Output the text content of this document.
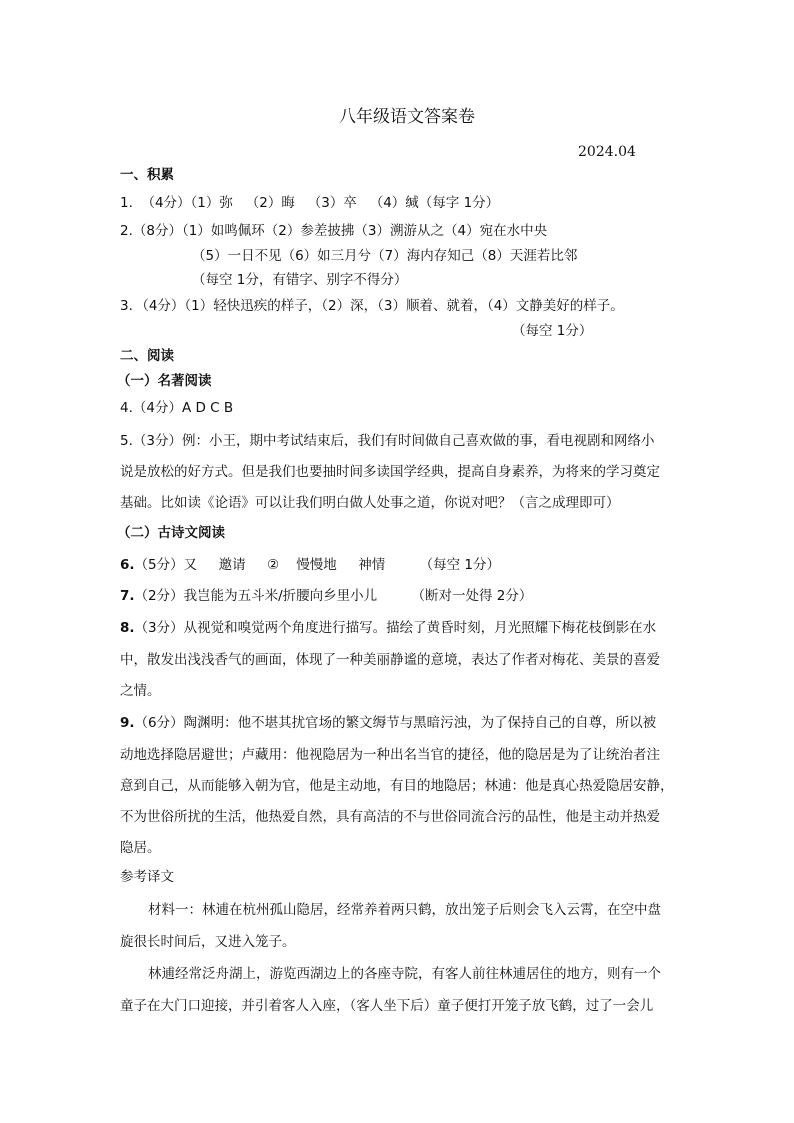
八年级语文答案卷
2024.04
一、积累
1.  （4分）（1）弥   （2）晦   （3）卒   （4）缄（每字 1分）
2.（8分）（1）如鸣佩环（2）参差披拂（3）溯游从之（4）宛在水中央
（5）一日不见（6）如三月兮（7）海内存知己（8）天涯若比邻
（每空 1分，有错字、别字不得分）
3．（4分）（1）轻快迅疾的样子，（2）深，（3）顺着、就着，（4）文静美好的样子。
（每空 1分）
二、阅读
（一）名著阅读
4.（4分）A D C B
5.（3分）例：小王，期中考试结束后，我们有时间做自己喜欢做的事，看电视剧和网络小
说是放松的好方式。但是我们也要抽时间多读国学经典，提高自身素养，为将来的学习奠定
基础。比如读《论语》可以让我们明白做人处事之道，你说对吧？（言之成理即可）
（二）古诗文阅读
6.（5分）又     邀请     ②    慢慢地     神情        （每空 1分）
7.（2分）我岂能为五斗米/折腰向乡里小儿        （断对一处得 2分）
8.（3分）从视觉和嗅觉两个角度进行描写。描绘了黄昏时刻，月光照耀下梅花枝倒影在水
中，散发出浅浅香气的画面，体现了一种美丽静谧的意境，表达了作者对梅花、美景的喜爱
之情。
9.（6分）陶渊明：他不堪其扰官场的繁文缛节与黑暗污浊，为了保持自己的自尊，所以被
动地选择隐居避世；卢藏用：他视隐居为一种出名当官的捷径，他的隐居是为了让统治者注
意到自己，从而能够入朝为官，他是主动地，有目的地隐居；林逋：他是真心热爱隐居安静，
不为世俗所扰的生活，他热爱自然，具有高洁的不与世俗同流合污的品性，他是主动并热爱
隐居。
参考译文
材料一：林逋在杭州孤山隐居，经常养着两只鹤，放出笼子后则会飞入云霄，在空中盘
旋很长时间后，又进入笼子。
林逋经常泛舟湖上，游览西湖边上的各座寺院，有客人前往林逋居住的地方，则有一个
童子在大门口迎接，并引着客人入座，（客人坐下后）童子便打开笼子放飞鹤，过了一会儿
